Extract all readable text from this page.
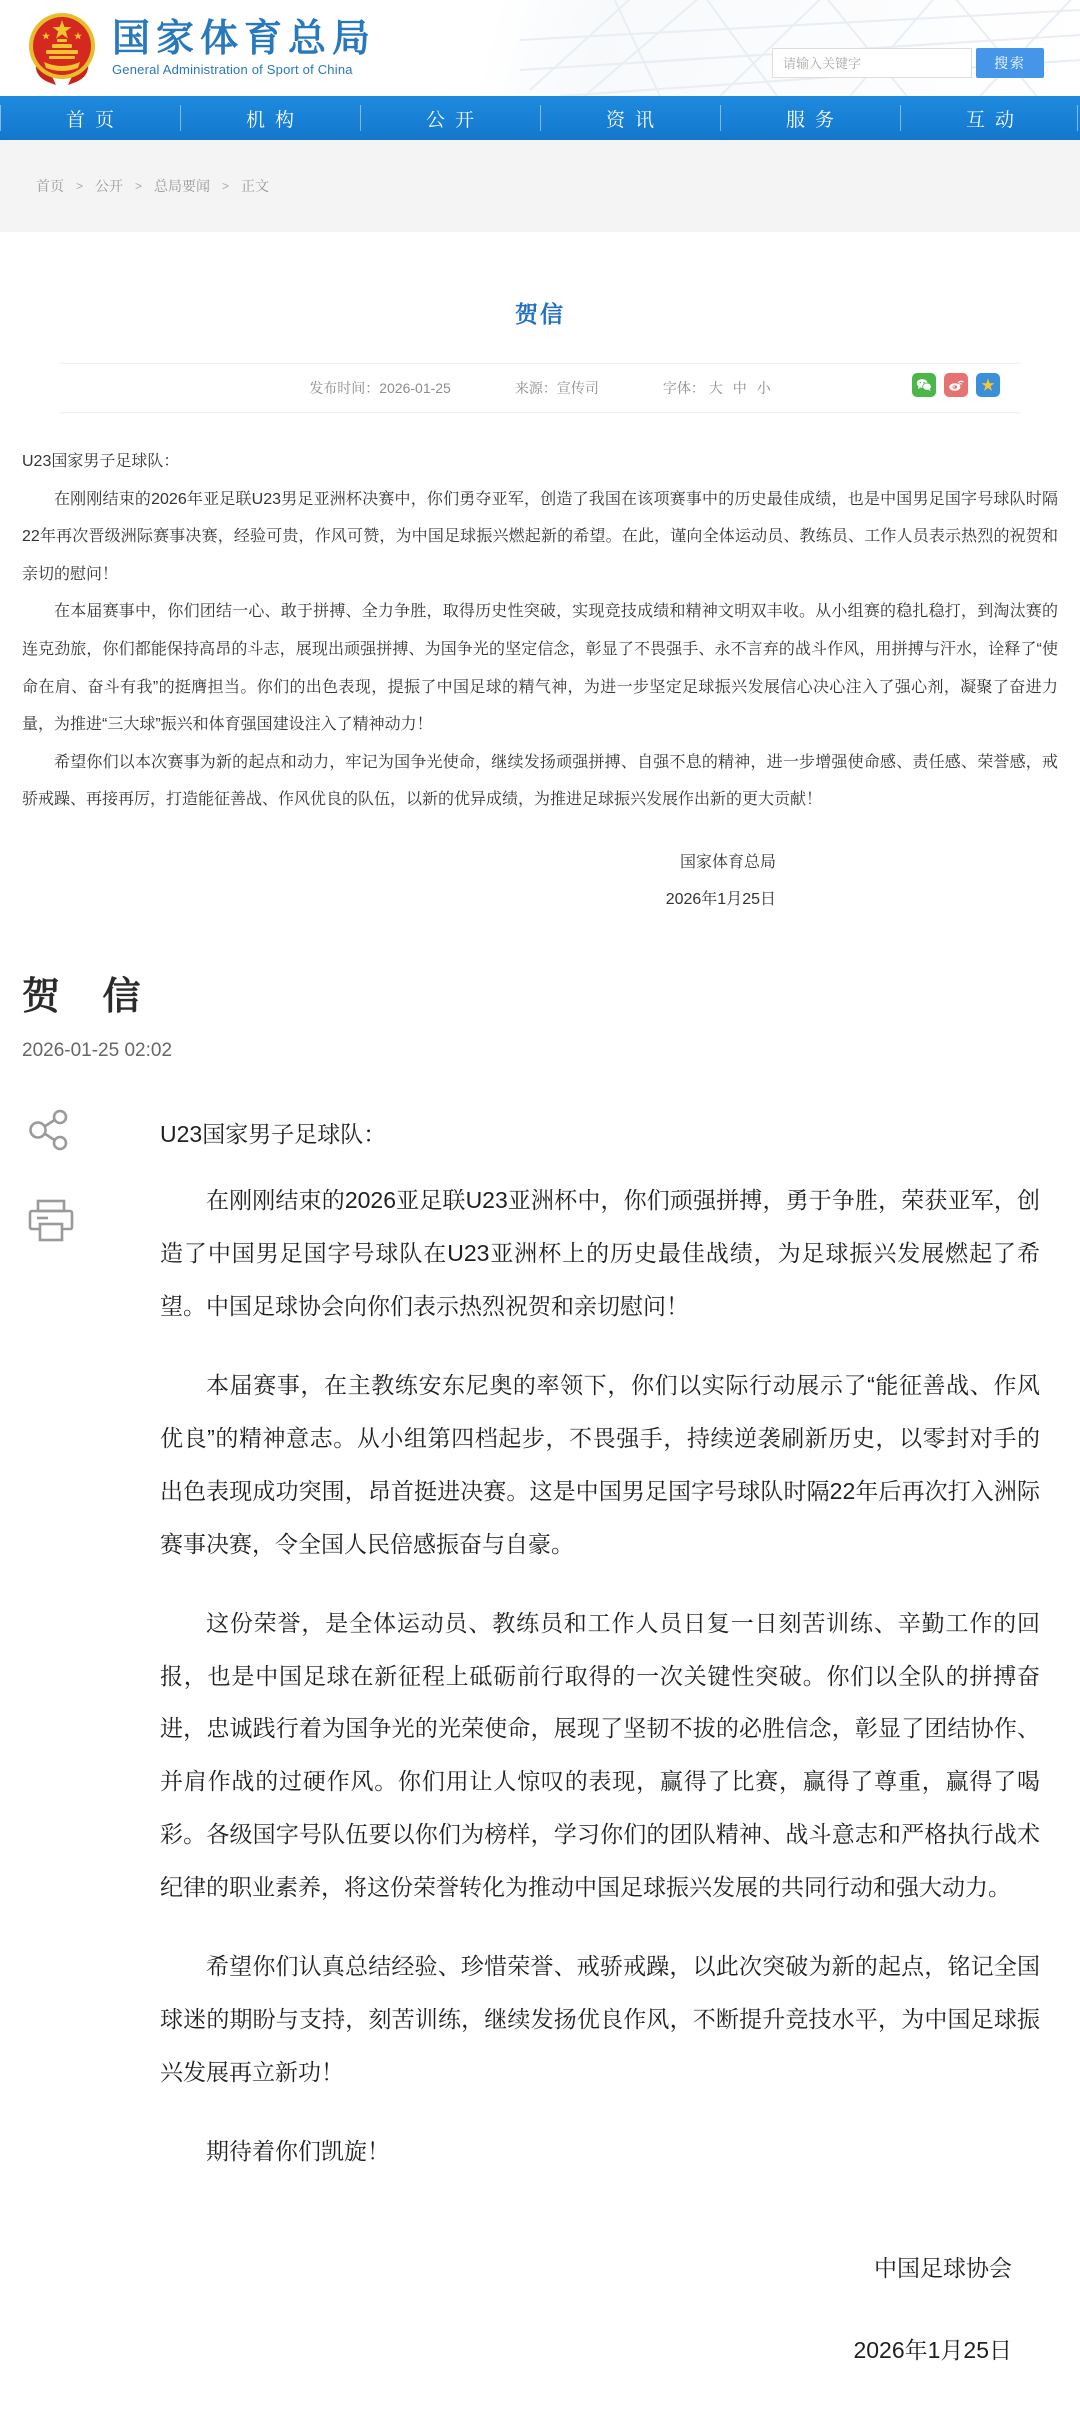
国家体育总局
General Administration of Sport of China
请输入关键字	搜索
首页	机构	公开	资讯	服务	互动
首页 > 公开 > 总局要闻 > 正文
贺信
发布时间：2026-01-25	来源：宣传司	字体： 大 中 小	★

U23国家男子足球队：

在刚刚结束的2026年亚足联U23男足亚洲杯决赛中，你们勇夺亚军，创造了我国在该项赛事中的历史最佳成绩，也是中国男足国字号球队时隔22年再次晋级洲际赛事决赛，经验可贵，作风可赞，为中国足球振兴燃起新的希望。在此，谨向全体运动员、教练员、工作人员表示热烈的祝贺和亲切的慰问！

在本届赛事中，你们团结一心、敢于拼搏、全力争胜，取得历史性突破，实现竞技成绩和精神文明双丰收。从小组赛的稳扎稳打，到淘汰赛的连克劲旅，你们都能保持高昂的斗志，展现出顽强拼搏、为国争光的坚定信念，彰显了不畏强手、永不言弃的战斗作风，用拼搏与汗水，诠释了“使命在肩、奋斗有我”的挺膺担当。你们的出色表现，提振了中国足球的精气神，为进一步坚定足球振兴发展信心决心注入了强心剂，凝聚了奋进力量，为推进“三大球”振兴和体育强国建设注入了精神动力！

希望你们以本次赛事为新的起点和动力，牢记为国争光使命，继续发扬顽强拼搏、自强不息的精神，进一步增强使命感、责任感、荣誉感，戒骄戒躁、再接再厉，打造能征善战、作风优良的队伍，以新的优异成绩，为推进足球振兴发展作出新的更大贡献！

国家体育总局
2026年1月25日
贺 信
2026-01-25 02:02

U23国家男子足球队：

在刚刚结束的2026亚足联U23亚洲杯中，你们顽强拼搏，勇于争胜，荣获亚军，创造了中国男足国字号球队在U23亚洲杯上的历史最佳战绩，为足球振兴发展燃起了希望。中国足球协会向你们表示热烈祝贺和亲切慰问！

本届赛事，在主教练安东尼奥的率领下，你们以实际行动展示了“能征善战、作风优良”的精神意志。从小组第四档起步，不畏强手，持续逆袭刷新历史，以零封对手的出色表现成功突围，昂首挺进决赛。这是中国男足国字号球队时隔22年后再次打入洲际赛事决赛，令全国人民倍感振奋与自豪。

这份荣誉，是全体运动员、教练员和工作人员日复一日刻苦训练、辛勤工作的回报，也是中国足球在新征程上砥砺前行取得的一次关键性突破。你们以全队的拼搏奋进，忠诚践行着为国争光的光荣使命，展现了坚韧不拔的必胜信念，彰显了团结协作、并肩作战的过硬作风。你们用让人惊叹的表现，赢得了比赛，赢得了尊重，赢得了喝彩。各级国字号队伍要以你们为榜样，学习你们的团队精神、战斗意志和严格执行战术纪律的职业素养，将这份荣誉转化为推动中国足球振兴发展的共同行动和强大动力。

希望你们认真总结经验、珍惜荣誉、戒骄戒躁，以此次突破为新的起点，铭记全国球迷的期盼与支持，刻苦训练，继续发扬优良作风，不断提升竞技水平，为中国足球振兴发展再立新功！

期待着你们凯旋！

中国足球协会
2026年1月25日
